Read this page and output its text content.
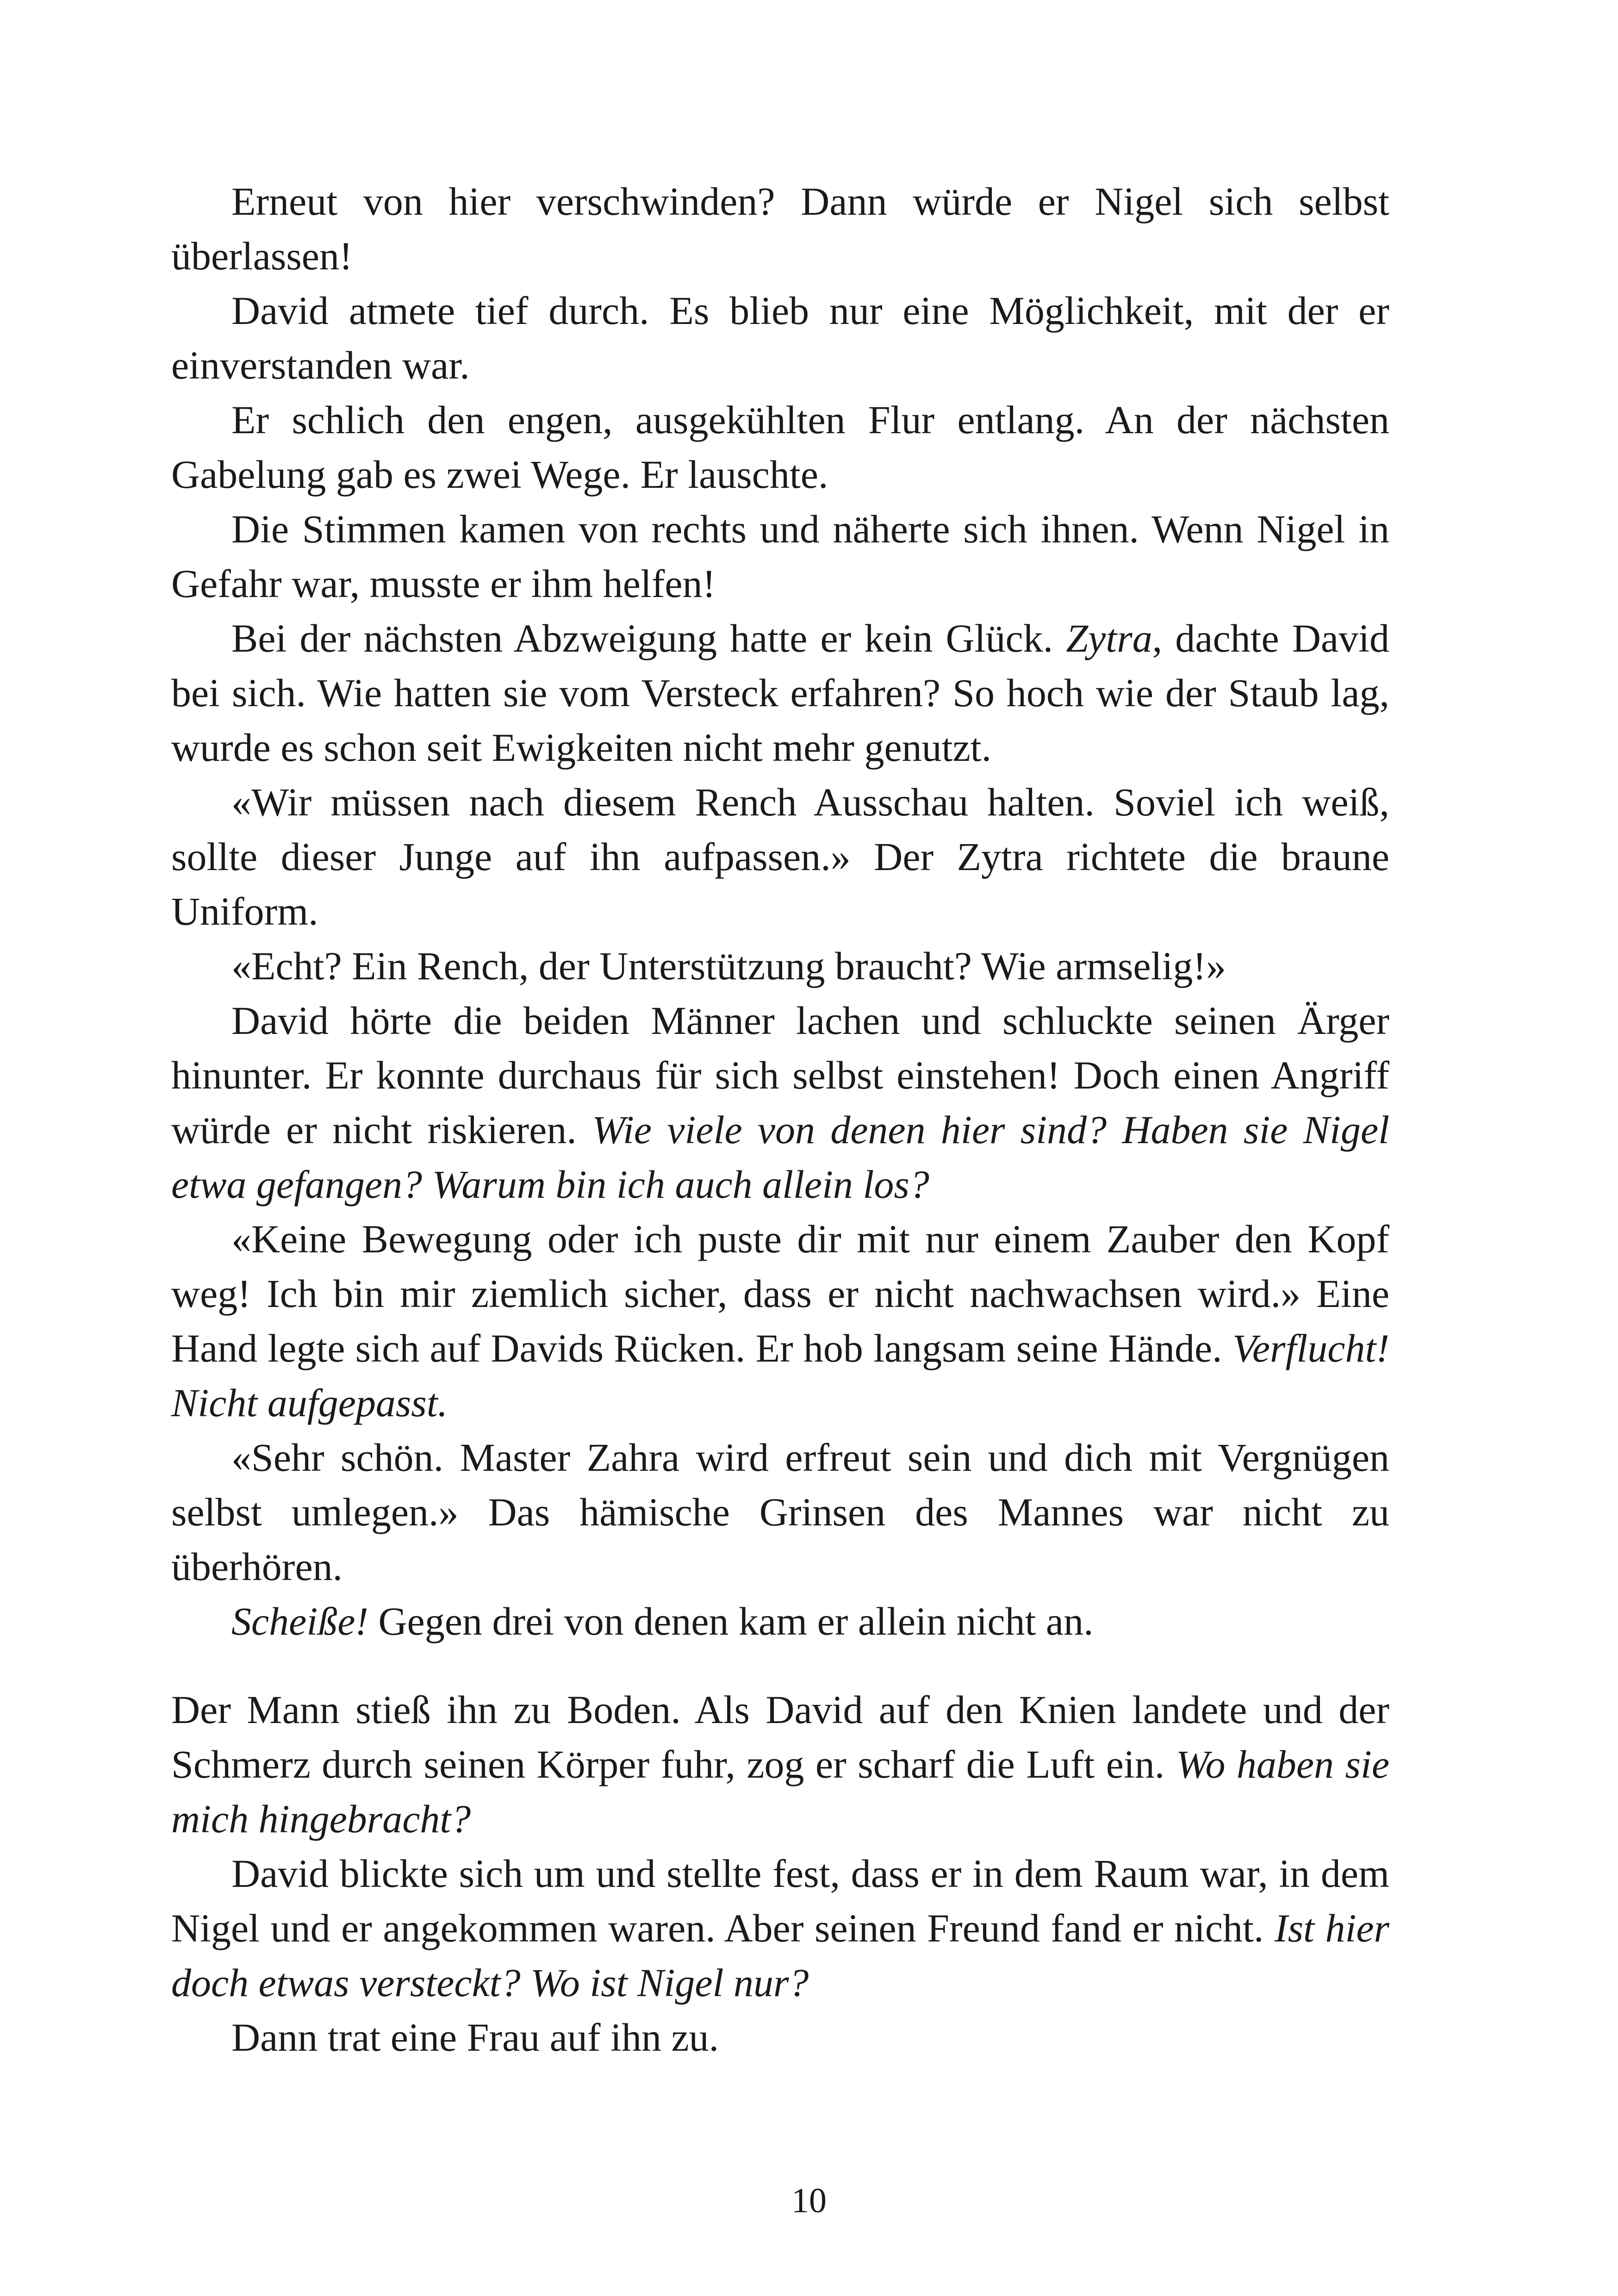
Erneut von hier verschwinden? Dann würde er Nigel sich selbst überlassen!

David atmete tief durch. Es blieb nur eine Möglichkeit, mit der er einverstanden war.

Er schlich den engen, ausgekühlten Flur entlang. An der nächsten Gabelung gab es zwei Wege. Er lauschte.

Die Stimmen kamen von rechts und näherte sich ihnen. Wenn Nigel in Gefahr war, musste er ihm helfen!

Bei der nächsten Abzweigung hatte er kein Glück. Zytra, dachte David bei sich. Wie hatten sie vom Versteck erfahren? So hoch wie der Staub lag, wurde es schon seit Ewigkeiten nicht mehr genutzt.

«Wir müssen nach diesem Rench Ausschau halten. Soviel ich weiß, sollte dieser Junge auf ihn aufpassen.» Der Zytra richtete die braune Uniform.

«Echt? Ein Rench, der Unterstützung braucht? Wie armselig!»

David hörte die beiden Männer lachen und schluckte seinen Ärger hinunter. Er konnte durchaus für sich selbst einstehen! Doch einen Angriff würde er nicht riskieren. Wie viele von denen hier sind? Haben sie Nigel etwa gefangen? Warum bin ich auch allein los?

«Keine Bewegung oder ich puste dir mit nur einem Zauber den Kopf weg! Ich bin mir ziemlich sicher, dass er nicht nachwachsen wird.» Eine Hand legte sich auf Davids Rücken. Er hob langsam seine Hände. Verflucht! Nicht aufgepasst.

«Sehr schön. Master Zahra wird erfreut sein und dich mit Vergnügen selbst umlegen.» Das hämische Grinsen des Mannes war nicht zu überhören.

Scheiße! Gegen drei von denen kam er allein nicht an.

Der Mann stieß ihn zu Boden. Als David auf den Knien landete und der Schmerz durch seinen Körper fuhr, zog er scharf die Luft ein. Wo haben sie mich hingebracht?

David blickte sich um und stellte fest, dass er in dem Raum war, in dem Nigel und er angekommen waren. Aber seinen Freund fand er nicht. Ist hier doch etwas versteckt? Wo ist Nigel nur?

Dann trat eine Frau auf ihn zu.

10
